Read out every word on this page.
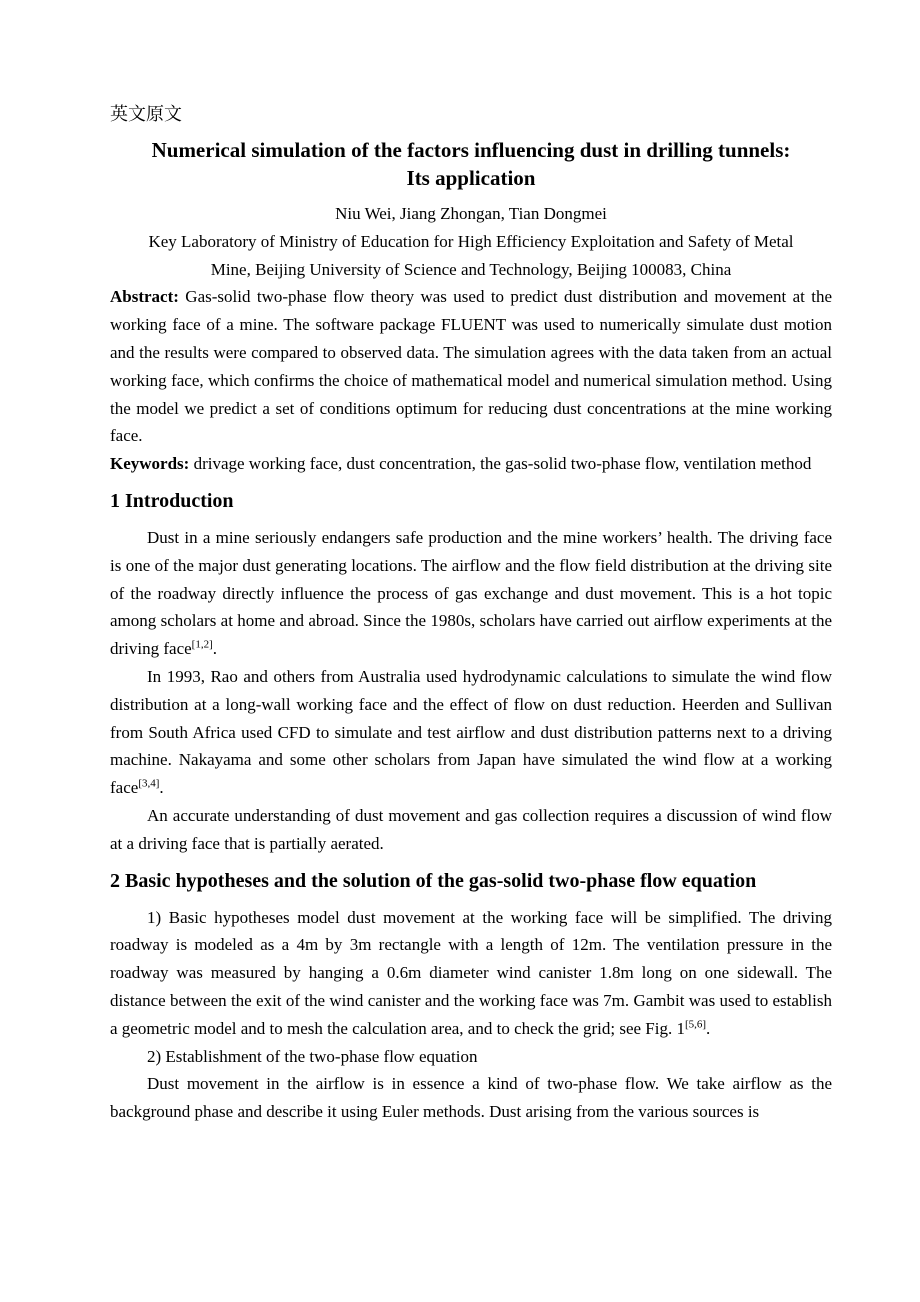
英文原文

Numerical simulation of the factors influencing dust in drilling tunnels:
Its application

Niu Wei, Jiang Zhongan, Tian Dongmei

Key Laboratory of Ministry of Education for High Efficiency Exploitation and Safety of Metal

Mine, Beijing University of Science and Technology, Beijing 100083, China

Abstract: Gas-solid two-phase flow theory was used to predict dust distribution and movement at the working face of a mine. The software package FLUENT was used to numerically simulate dust motion and the results were compared to observed data. The simulation agrees with the data taken from an actual working face, which confirms the choice of mathematical model and numerical simulation method. Using the model we predict a set of conditions optimum for reducing dust concentrations at the mine working face.

Keywords: drivage working face, dust concentration, the gas-solid two-phase flow, ventilation method

1 Introduction

Dust in a mine seriously endangers safe production and the mine workers’ health. The driving face is one of the major dust generating locations. The airflow and the flow field distribution at the driving site of the roadway directly influence the process of gas exchange and dust movement. This is a hot topic among scholars at home and abroad. Since the 1980s, scholars have carried out airflow experiments at the driving face[1,2].

In 1993, Rao and others from Australia used hydrodynamic calculations to simulate the wind flow distribution at a long-wall working face and the effect of flow on dust reduction. Heerden and Sullivan from South Africa used CFD to simulate and test airflow and dust distribution patterns next to a driving machine. Nakayama and some other scholars from Japan have simulated the wind flow at a working face[3,4].

An accurate understanding of dust movement and gas collection requires a discussion of wind flow at a driving face that is partially aerated.

2 Basic hypotheses and the solution of the gas-solid two-phase flow equation

1) Basic hypotheses model dust movement at the working face will be simplified. The driving roadway is modeled as a 4m by 3m rectangle with a length of 12m. The ventilation pressure in the roadway was measured by hanging a 0.6m diameter wind canister 1.8m long on one sidewall. The distance between the exit of the wind canister and the working face was 7m. Gambit was used to establish a geometric model and to mesh the calculation area, and to check the grid; see Fig. 1[5,6].

2) Establishment of the two-phase flow equation

Dust movement in the airflow is in essence a kind of two-phase flow. We take airflow as the background phase and describe it using Euler methods. Dust arising from the various sources is
